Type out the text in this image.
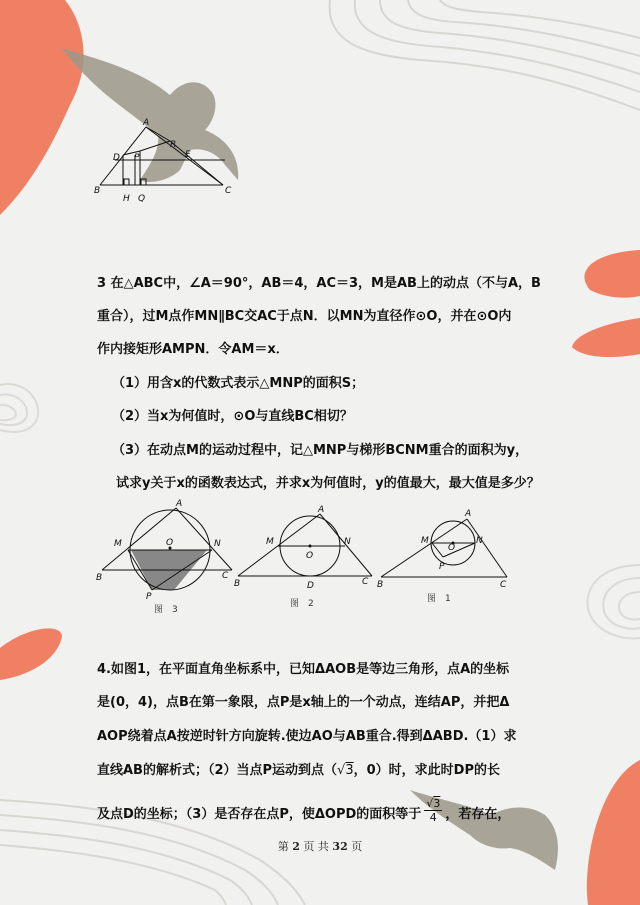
A
D P
R
E
B
H Q
C
3 在△ABC中，∠A＝90°，AB＝4，AC＝3，M是AB上的动点（不与A，B
重合），过M点作MN∥BC交AC于点N．以MN为直径作⊙O，并在⊙O内
作内接矩形AMPN．令AM＝x．
（1）用含x的代数式表示△MNP的面积S；
（2）当x为何值时，⊙O与直线BC相切？
（3）在动点M的运动过程中，记△MNP与梯形BCNM重合的面积为y，
试求y关于x的函数表达式，并求x为何值时，y的值最大，最大值是多少？
A
M	N
O
B	C
P
图　3
A
M	N
O
B	C
D
图　2
A
M	N
O
B	C
P
图　1
4.如图1，在平面直角坐标系中，已知ΔAOB是等边三角形，点A的坐标
是(0，4)，点B在第一象限，点P是x轴上的一个动点，连结AP，并把Δ
AOP绕着点A按逆时针方向旋转.使边AO与AB重合.得到ΔABD.（1）求
直线AB的解析式；（2）当点P运动到点（√3，0）时，求此时DP的长
及点D的坐标；（3）是否存在点P，使ΔOPD的面积等于 $\frac{√3}{4}$ ，若存在，
第 2 页 共 32 页
